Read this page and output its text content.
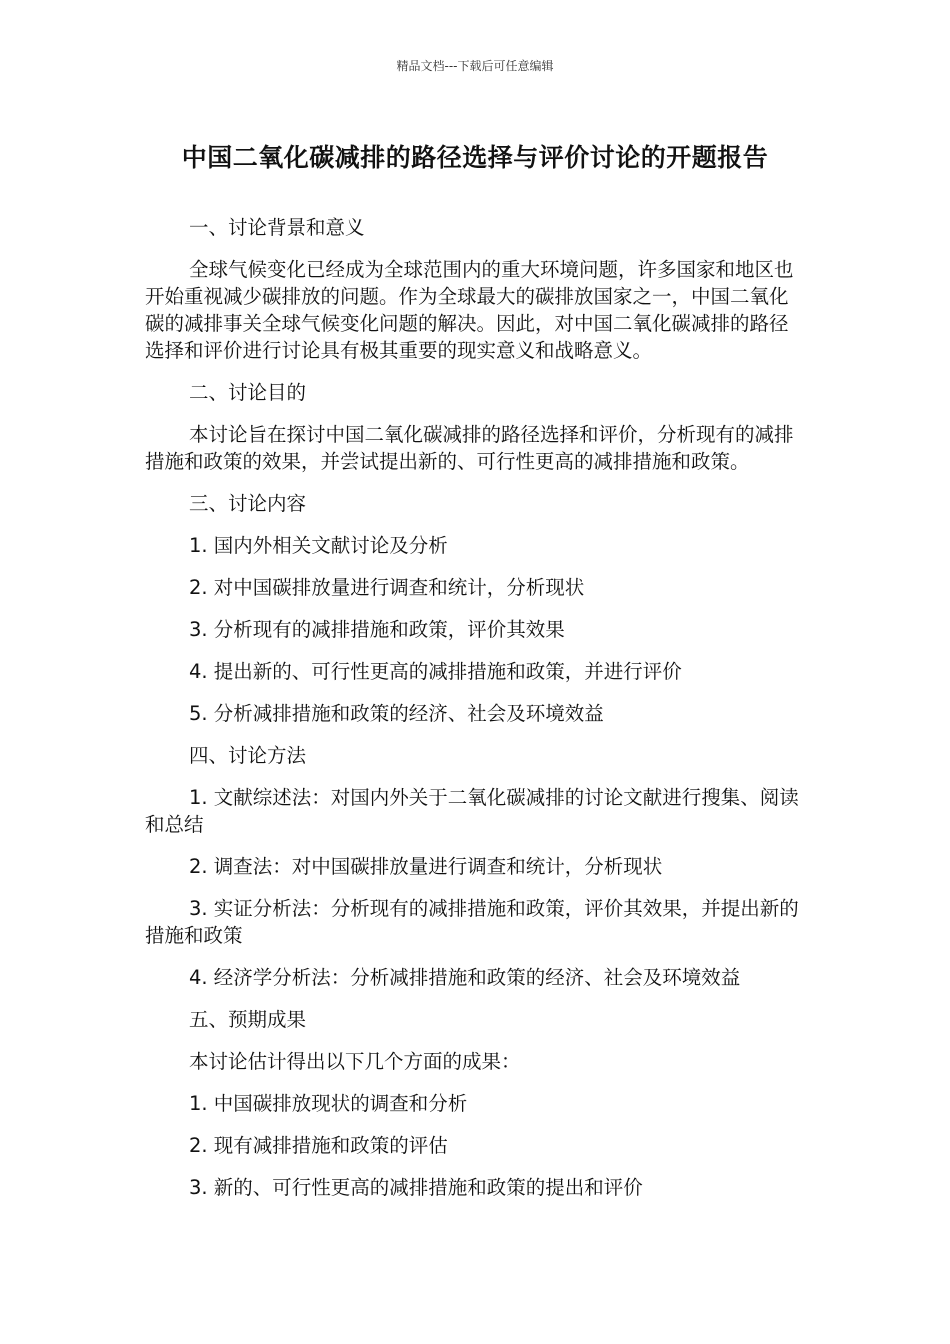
精品文档---下载后可任意编辑
中国二氧化碳减排的路径选择与评价讨论的开题报告

一、讨论背景和意义

全球气候变化已经成为全球范围内的重大环境问题，许多国家和地区也开始重视减少碳排放的问题。作为全球最大的碳排放国家之一，中国二氧化碳的减排事关全球气候变化问题的解决。因此，对中国二氧化碳减排的路径选择和评价进行讨论具有极其重要的现实意义和战略意义。

二、讨论目的

本讨论旨在探讨中国二氧化碳减排的路径选择和评价，分析现有的减排措施和政策的效果，并尝试提出新的、可行性更高的减排措施和政策。

三、讨论内容

1. 国内外相关文献讨论及分析

2. 对中国碳排放量进行调查和统计，分析现状

3. 分析现有的减排措施和政策，评价其效果

4. 提出新的、可行性更高的减排措施和政策，并进行评价

5. 分析减排措施和政策的经济、社会及环境效益

四、讨论方法

1. 文献综述法：对国内外关于二氧化碳减排的讨论文献进行搜集、阅读和总结

2. 调查法：对中国碳排放量进行调查和统计，分析现状

3. 实证分析法：分析现有的减排措施和政策，评价其效果，并提出新的措施和政策

4. 经济学分析法：分析减排措施和政策的经济、社会及环境效益

五、预期成果

本讨论估计得出以下几个方面的成果：

1. 中国碳排放现状的调查和分析

2. 现有减排措施和政策的评估

3. 新的、可行性更高的减排措施和政策的提出和评价
